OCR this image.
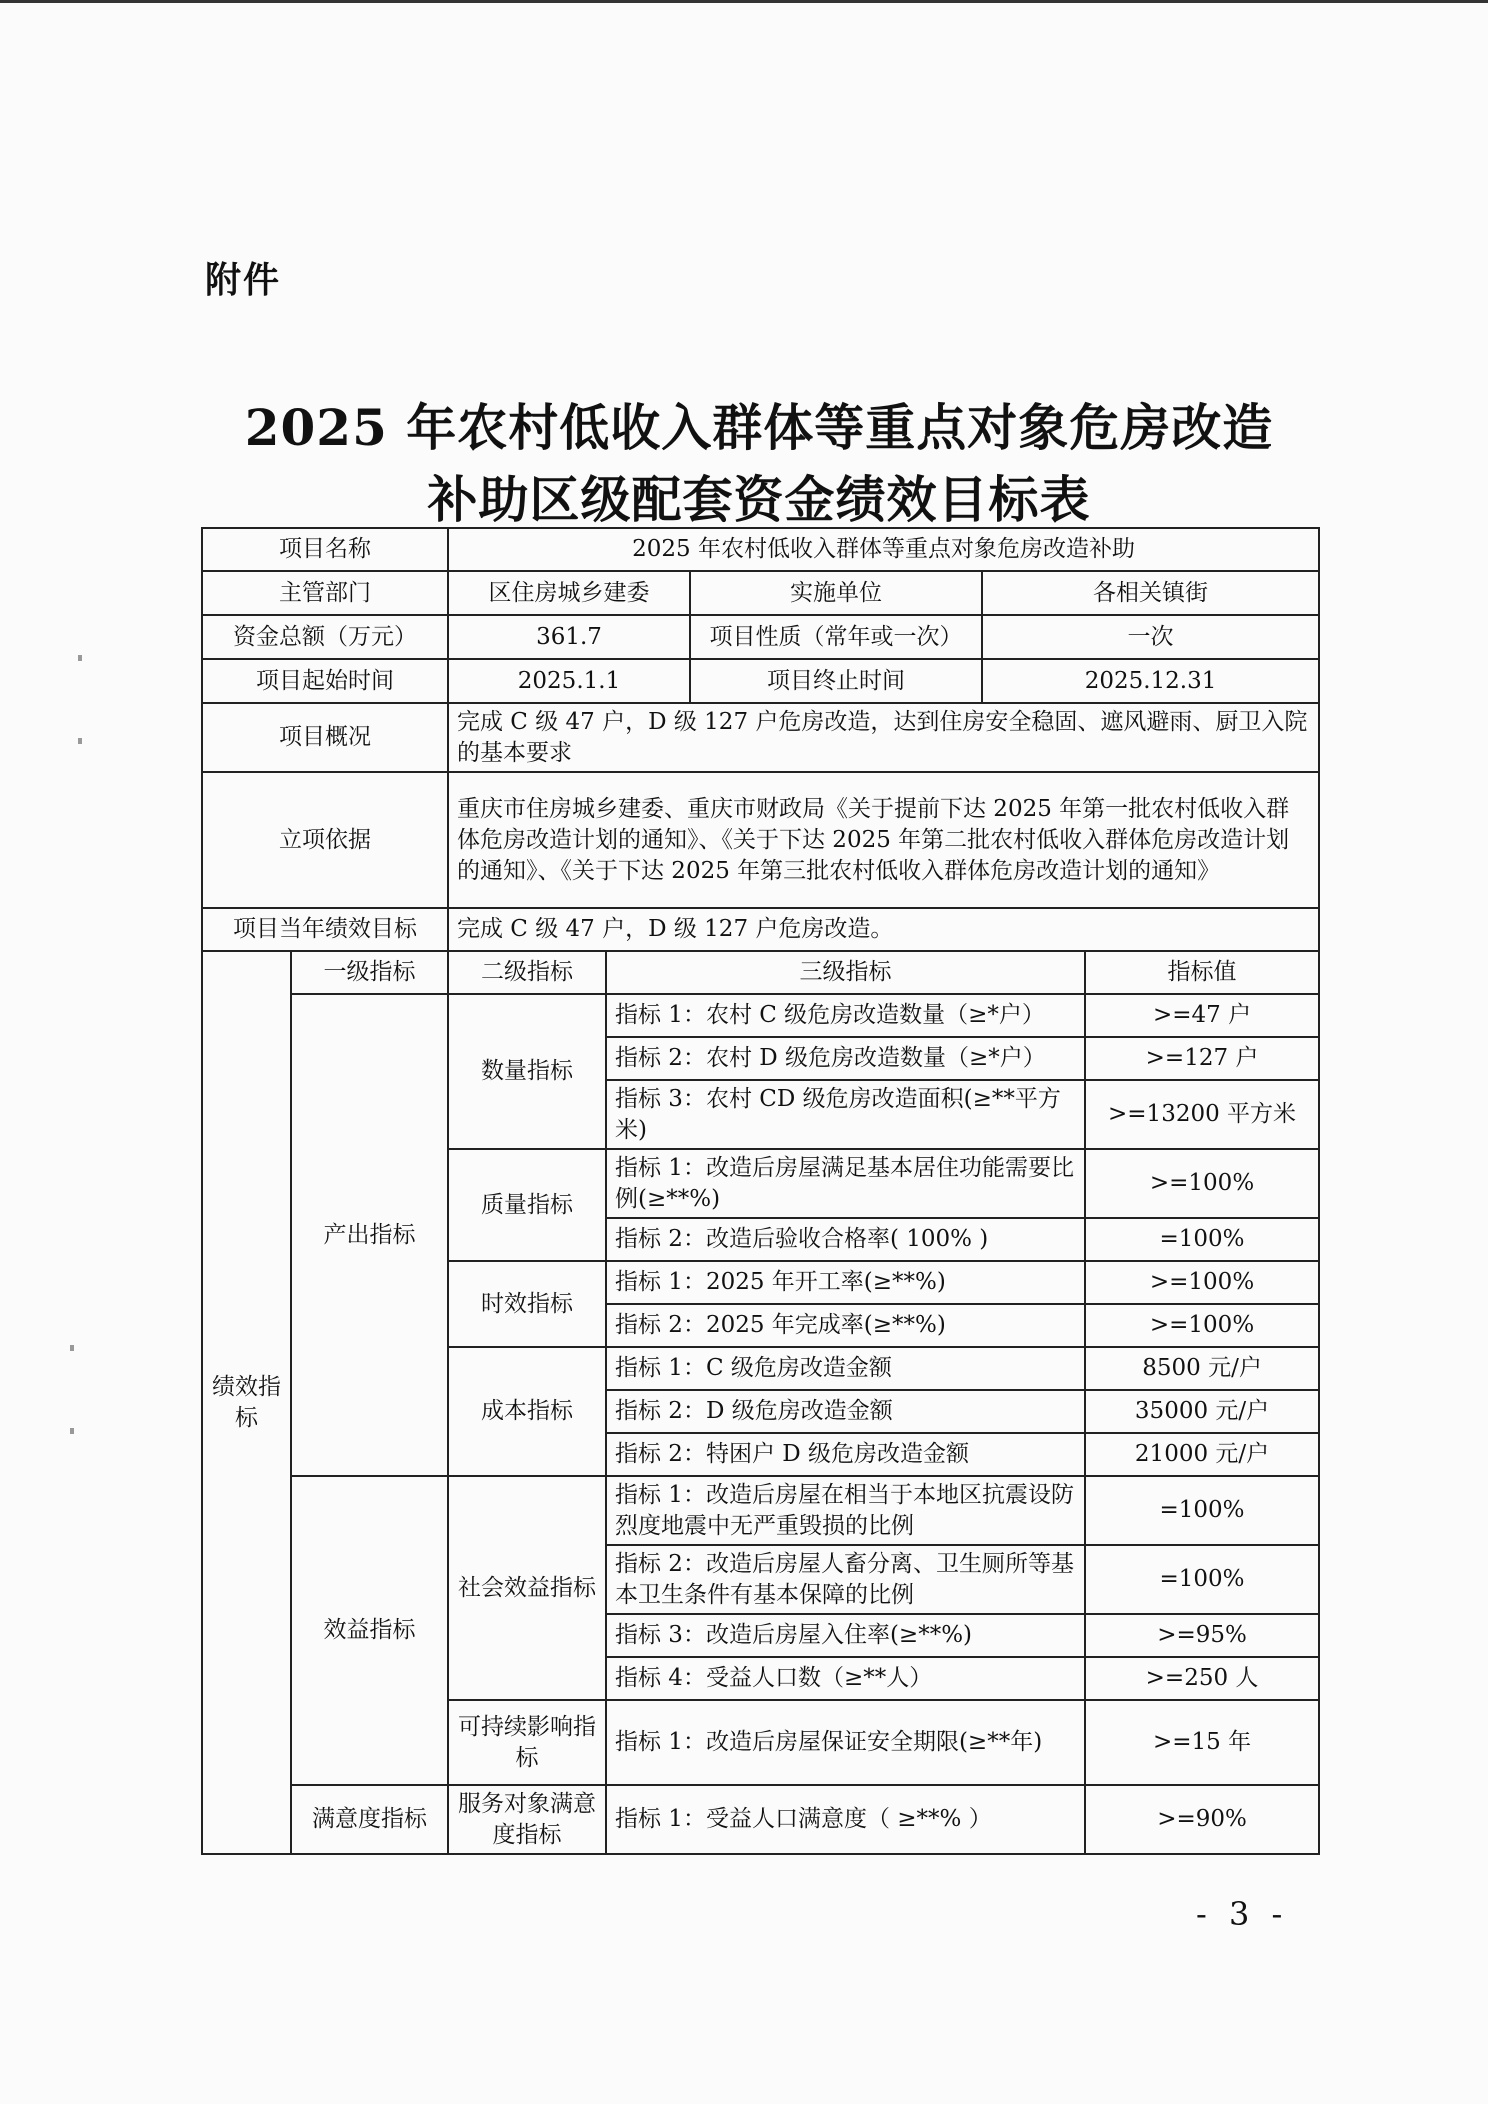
附件
2025 年农村低收入群体等重点对象危房改造
补助区级配套资金绩效目标表
项目名称		2025 年农村低收入群体等重点对象危房改造补助				
主管部门		区住房城乡建委		实施单位	各相关镇街	
资金总额（万元）		361.7		项目性质（常年或一次）	一次	
项目起始时间		2025.1.1		项目终止时间	2025.12.31	
项目概况		完成 C 级 47 户，D 级 127 户危房改造，达到住房安全稳固、遮风避雨、厨卫入院的基本要求				
立项依据		重庆市住房城乡建委、重庆市财政局《关于提前下达 2025 年第一批农村低收入群体危房改造计划的通知》、《关于下达 2025 年第二批农村低收入群体危房改造计划的通知》、《关于下达 2025 年第三批农村低收入群体危房改造计划的通知》				
项目当年绩效目标		完成 C 级 47 户，D 级 127 户危房改造。				
绩效指标	一级指标	二级指标	三级指标			指标值
	产出指标	数量指标	指标 1：农村 C 级危房改造数量（≥*户）			>=47 户
			指标 2：农村 D 级危房改造数量（≥*户）			>=127 户
			指标 3：农村 CD 级危房改造面积(≥**平方米)			>=13200 平方米
		质量指标	指标 1：改造后房屋满足基本居住功能需要比例(≥**%)			>=100%
			指标 2：改造后验收合格率( 100% )			=100%
		时效指标	指标 1：2025 年开工率(≥**%)			>=100%
			指标 2：2025 年完成率(≥**%)			>=100%
		成本指标	指标 1：C 级危房改造金额			8500 元/户
			指标 2：D 级危房改造金额			35000 元/户
			指标 2：特困户 D 级危房改造金额			21000 元/户
	效益指标	社会效益指标	指标 1：改造后房屋在相当于本地区抗震设防烈度地震中无严重毁损的比例			=100%
			指标 2：改造后房屋人畜分离、卫生厕所等基本卫生条件有基本保障的比例			=100%
			指标 3：改造后房屋入住率(≥**%)			>=95%
			指标 4：受益人口数（≥**人）			>=250 人
		可持续影响指标	指标 1：改造后房屋保证安全期限(≥**年)			>=15 年
	满意度指标	服务对象满意度指标	指标 1：受益人口满意度（ ≥**% ）			>=90%
- 3 -
